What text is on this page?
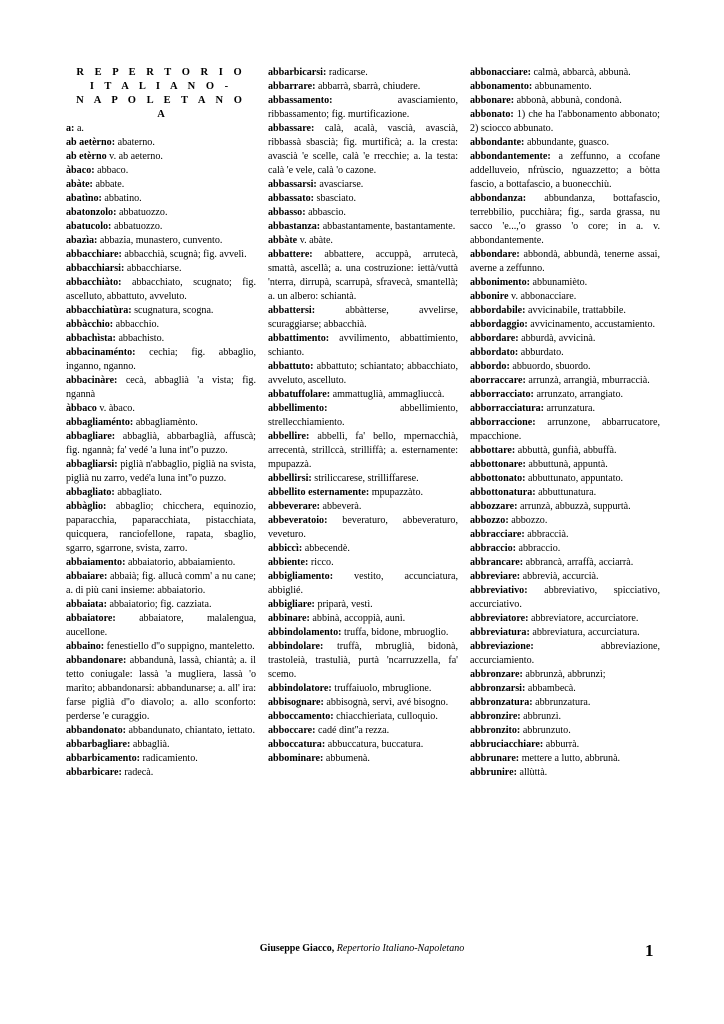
R E P E R T O R I O
I T A L I A N O -
N A P O L E T A N O
A

a: a.

ab aetèrno: abaterno.

ab etèrno v. ab aeterno.

àbaco: abbaco.

abàte: abbate.

abatìno: abbatino.

abatonzolo: abbatuozzo.

abatucolo: abbatuozzo.

abazìa: abbazia, munastero, cunvento.

abbacchiare: abbacchià, scugnà; fig. avvelì.

abbacchiarsi: abbacchiarse.

abbacchiàto: abbacchiato, scugnato; fig. ascelluto, abbattuto, avveluto.

abbacchiatùra: scugnatura, scogna.

abbàcchio: abbacchio.

abbachìsta: abbachisto.

abbacinaménto: cechia; fig. abbaglio, inganno, nganno.

abbacinàre: cecà, abbaglià 'a vista; fig. ngannà

àbbaco v. àbaco.

abbagliaménto: abbagliamènto.

abbagliare: abbaglià, abbarbaglià, affuscà; fig. ngannà; fa' vedé 'a luna int''o puzzo.

abbagliarsi: piglià n'abbaglio, piglià na svista, piglià nu zarro, vedé'a luna int''o puzzo.

abbagliato: abbagliato.

abbàglio: abbaglio; chicchera, equinozio, paparacchia, paparacchiata, pistacchiata, quicquera, ranciofellone, rapata, sbaglio, sgarro, sgarrone, svista, zarro.

abbaiamento: abbaiatorio, abbaiamiento.

abbaiare: abbaià; fig. allucà comm' a nu cane; a. di più cani insieme: abbaiatorio.

abbaiata: abbaiatorio; fig. cazziata.

abbaiatore: abbaiatore, malalengua, aucellone.

abbaino: fenestiello d''o suppigno, manteletto.

abbandonare: abbandunà, lassà, chiantà; a. il tetto coniugale: lassà 'a mugliera, lassà 'o marito; abbandonarsi: abbandunarse; a. all' ira: farse piglià d''o diavolo; a. allo sconforto: perderse 'e curaggio.

abbandonato: abbandunato, chiantato, iettato.

abbarbagliare: abbaglià.

abbarbicamento: radicamiento.

abbarbicare: radecà.

abbarbicarsi: radicarse.

abbarrare: abbarrà, sbarrà, chiudere.

abbassamento: avasciamiento, ribbassamento; fig. murtificazione.

abbassare: calà, acalà, vascià, avascià, ribbassà sbascià; fig. murtificà; a. la cresta: avascià 'e scelle, calà 'e rrecchie; a. la testa: calà 'e vele, calà 'o cazone.

abbassarsi: avasciarse.

abbassato: sbasciato.

abbasso: abbascio.

abbastanza: abbastantamente, bastantamente.

abbàte v. abàte.

abbattere: abbattere, accuppà, arrutecà, smattà, ascellà; a. una costruzione: iettà/vuttà 'nterra, dirrupà, scarrupà, sfravecà, smantellà; a. un albero: schiantà.

abbattersi: abbàtterse, avvelirse, scuraggiarse; abbacchià.

abbattimento: avvilimento, abbattimiento, schianto.

abbattuto: abbattuto; schiantato; abbacchiato, avveluto, ascelluto.

abbatuffolare: ammattuglià, ammagliuccà.

abbellimento: abbellimiento, strellecchiamiento.

abbellire: abbellì, fa' bello, mpernacchià, arrecentà, strillccà, strilliffà; a. esternamente: mpupazzà.

abbellirsi: striliccarese, strilliffarese.

abbellito esternamente: mpupazzàto.

abbeverare: abbeverà.

abbeveratoio: beveraturo, abbeveraturo, veveturo.

abbiccì: abbecendè.

abbiente: ricco.

abbigliamento: vestito, accunciatura, abbiglié.

abbigliare: priparà, vestì.

abbinare: abbinà, accoppià, aunì.

abbindolamento: truffa, bidone, mbruoglio.

abbindolare: truffà, mbruglià, bidonà, trastoleià, trastulià, purtà 'ncarruzzella, fa' scemo.

abbindolatore: truffaiuolo, mbruglione.

abbisognare: abbisognà, servì, avé bisogno.

abboccamento: chiacchieriata, culloquio.

abboccare: cadé dint''a rezza.

abboccatura: abbuccatura, buccatura.

abbominare: abbumenà.

abbonacciare: calmà, abbarcà, abbunà.

abbonamento: abbunamento.

abbonare: abbonà, abbunà, condonà.

abbonato: 1) che ha l'abbonamento abbonato; 2) sciocco abbunato.

abbondante: abbundante, guasco.

abbondantemente: a zeffunno, a ccofane addelluveio, nfrùscio, nguazzetto; a bòtta fascio, a bottafascio, a buonecchiù.

abbondanza: abbundanza, bottafascio, terrebbilio, pucchiàra; fig., sarda grassa, nu sacco 'e...,'o grasso 'o core; in a. v. abbondantemente.

abbondare: abbondà, abbundà, tenerne assai, averne a zeffunno.

abbonimento: abbunamièto.

abbonire v. abbonacciare.

abbordabile: avvicinabile, trattabbile.

abbordaggio: avvicinamento, accustamiento.

abbordare: abburdà, avvicinà.

abbordato: abburdato.

abbordo: abbuordo, sbuordo.

aborraccare: arrunzà, arrangià, mburraccià.

abborracciato: arrunzato, arrangiato.

abborracciatura: arrunzatura.

abborraccione: arrunzone, abbarrucatore, mpacchione.

abbottare: abbuttà, gunfià, abbuffà.

abbottonare: abbuttunà, appuntà.

abbottonato: abbuttunato, appuntato.

abbottonatura: abbuttunatura.

abbozzare: arrunzà, abbuzzà, suppurtà.

abbozzo: abbozzo.

abbracciare: abbraccià.

abbraccio: abbraccio.

abbrancare: abbrancà, arraffà, acciarrà.

abbreviare: abbrevià, accurcià.

abbreviativo: abbreviativo, spicciativo, accurciativo.

abbreviatore: abbreviatore, accurciatore.

abbreviatura: abbreviatura, accurciatura.

abbreviazione: abbreviazione, accurciamiento.

abbronzare: abbrunzà, abbrunzì;

abbronzarsi: abbambecà.

abbronzatura: abbrunzatura.

abbronzire: abbrunzì.

abbronzito: abbrunzuto.

abbruciacchiare: abburrà.

abbrunare: mettere a lutto, abbrunà.

abbrunire: allùttà.

Giuseppe Giacco, Repertorio Italiano-Napoletano	1
